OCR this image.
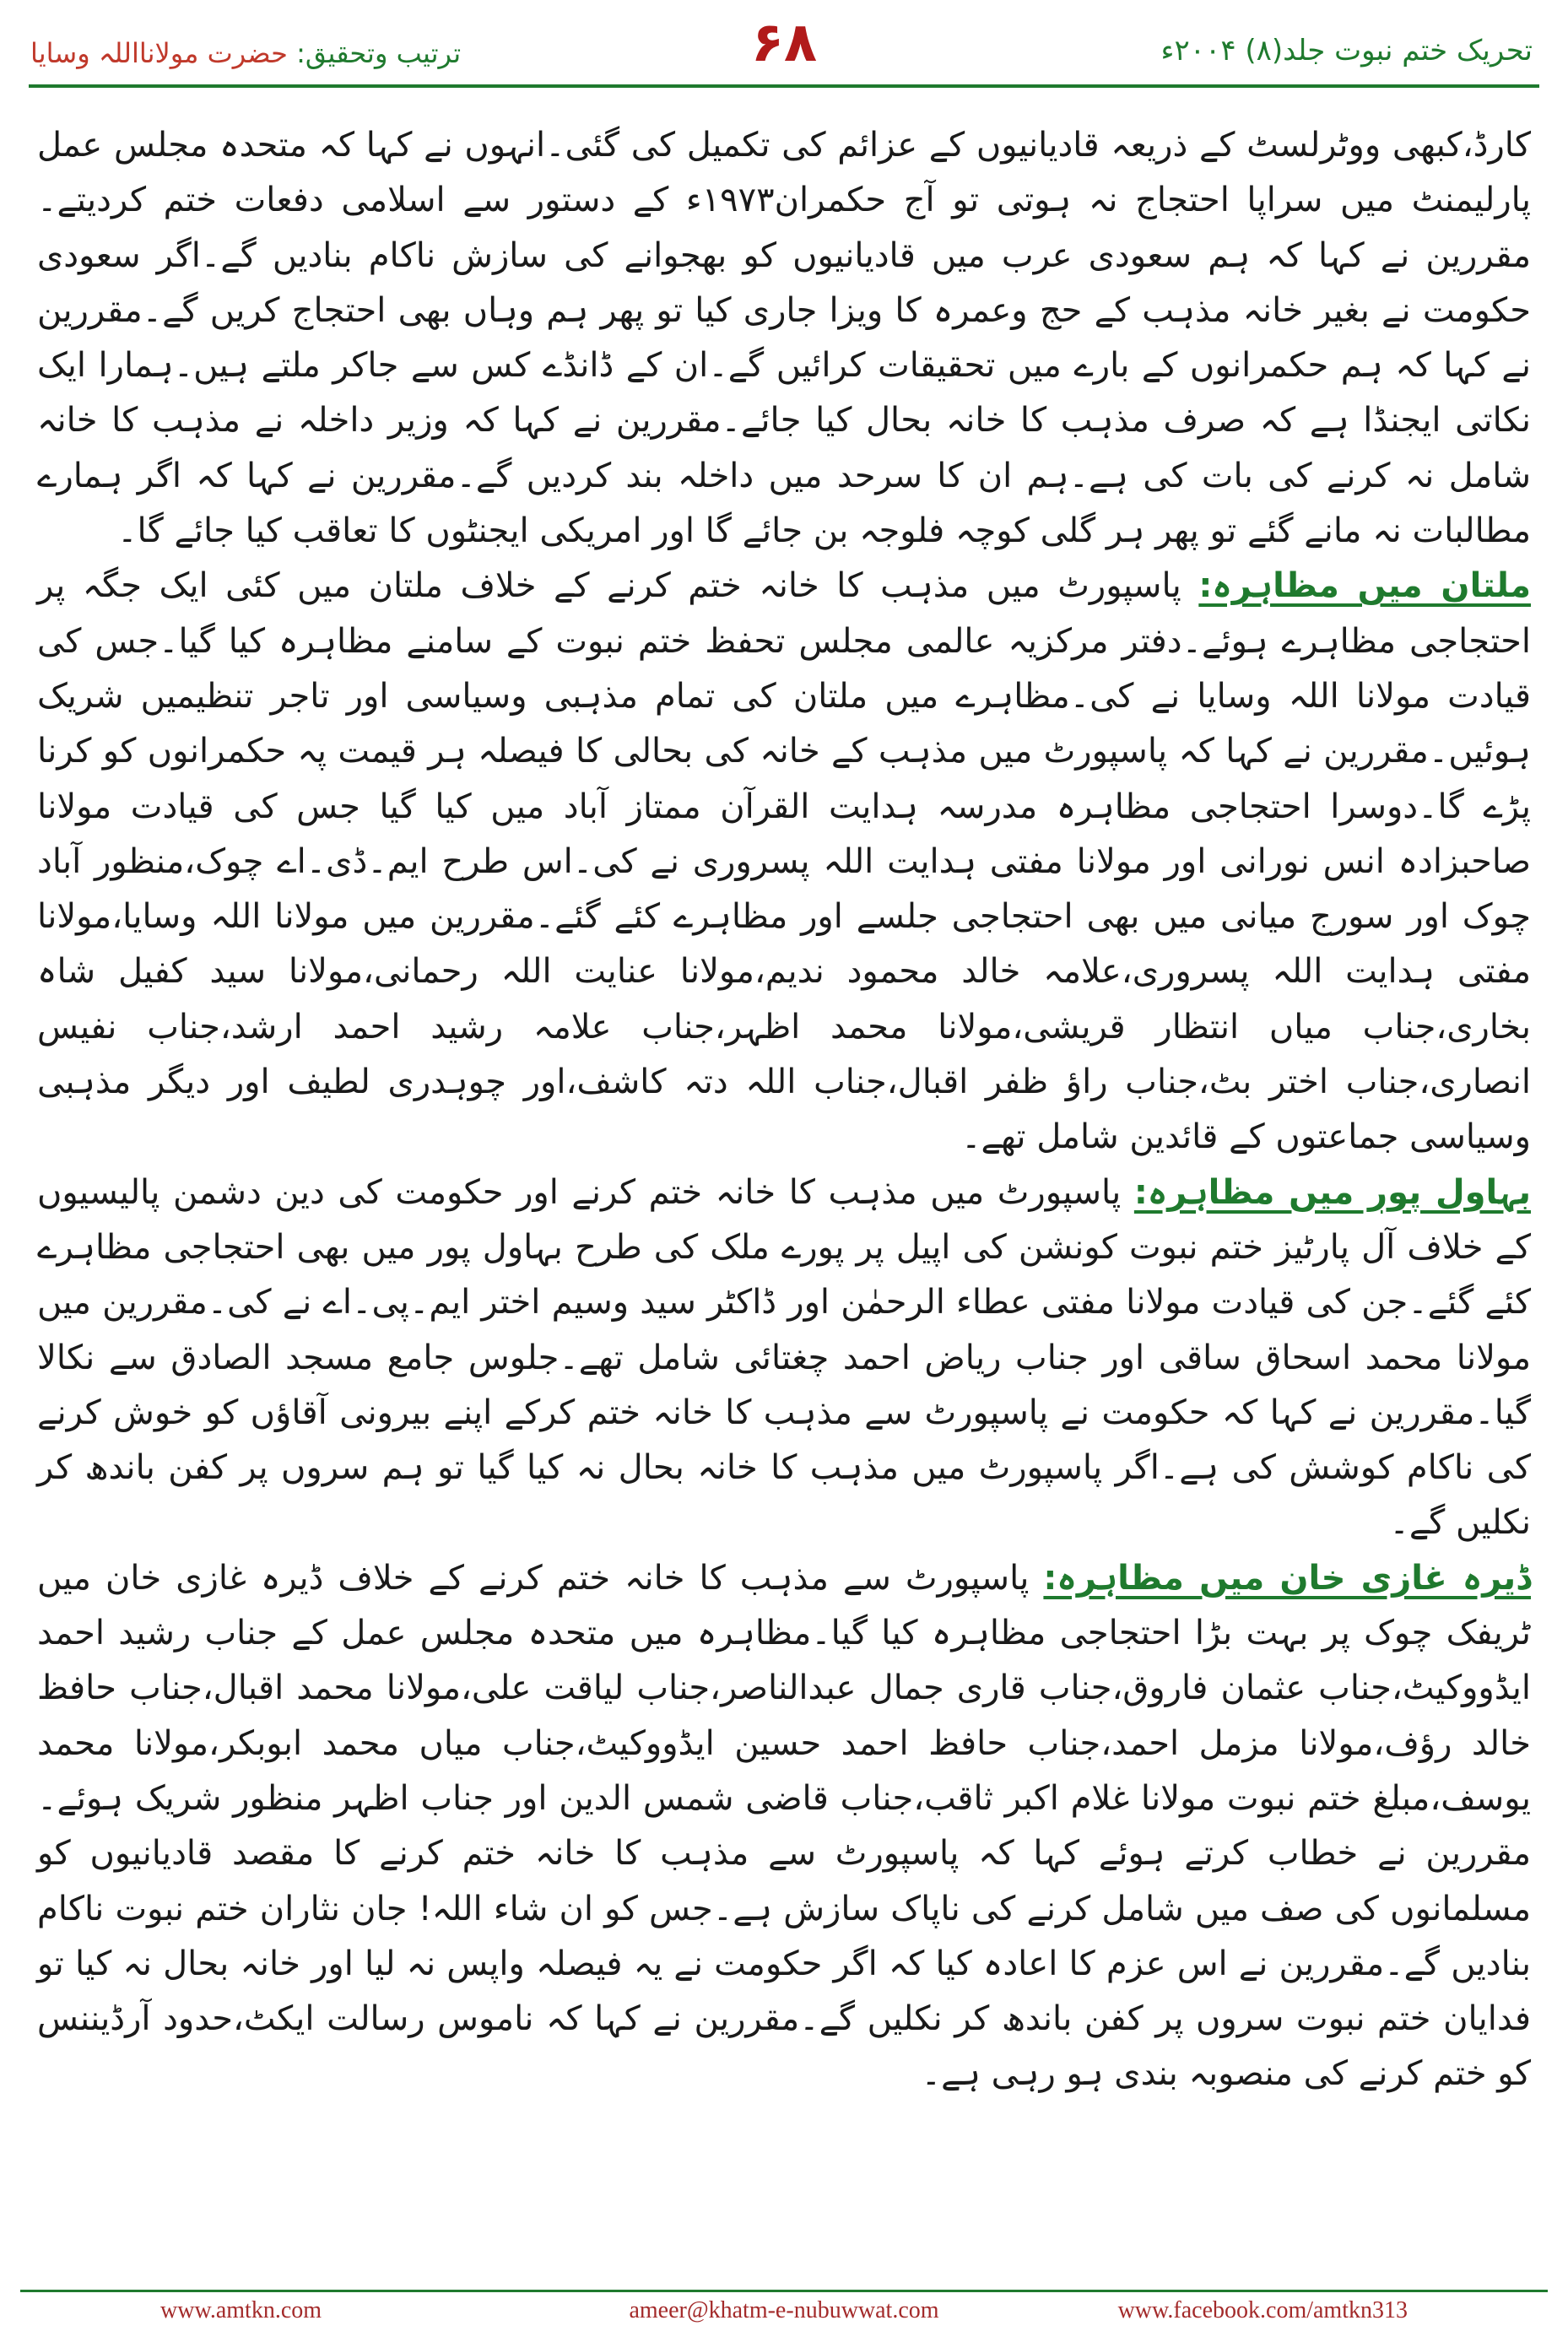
تحریک ختم نبوت جلد(۸) ۲۰۰۴ء
۶۸
ترتیب وتحقیق: حضرت مولانااللہ وسایا

کارڈ،کبھی ووٹرلسٹ کے ذریعہ قادیانیوں کے عزائم کی تکمیل کی گئی۔انہوں نے کہا کہ متحدہ مجلس عمل پارلیمنٹ میں سراپا احتجاج نہ ہوتی تو آج حکمران۱۹۷۳ء کے دستور سے اسلامی دفعات ختم کردیتے۔مقررین نے کہا کہ ہم سعودی عرب میں قادیانیوں کو بھجوانے کی سازش ناکام بنادیں گے۔اگر سعودی حکومت نے بغیر خانہ مذہب کے حج وعمرہ کا ویزا جاری کیا تو پھر ہم وہاں بھی احتجاج کریں گے۔مقررین نے کہا کہ ہم حکمرانوں کے بارے میں تحقیقات کرائیں گے۔ان کے ڈانڈے کس سے جاکر ملتے ہیں۔ہمارا ایک نکاتی ایجنڈا ہے کہ صرف مذہب کا خانہ بحال کیا جائے۔مقررین نے کہا کہ وزیر داخلہ نے مذہب کا خانہ شامل نہ کرنے کی بات کی ہے۔ہم ان کا سرحد میں داخلہ بند کردیں گے۔مقررین نے کہا کہ اگر ہمارے مطالبات نہ مانے گئے تو پھر ہر گلی کوچہ فلوجہ بن جائے گا اور امریکی ایجنٹوں کا تعاقب کیا جائے گا۔

ملتان میں مظاہرہ: پاسپورٹ میں مذہب کا خانہ ختم کرنے کے خلاف ملتان میں کئی ایک جگہ پر احتجاجی مظاہرے ہوئے۔دفتر مرکزیہ عالمی مجلس تحفظ ختم نبوت کے سامنے مظاہرہ کیا گیا۔جس کی قیادت مولانا اللہ وسایا نے کی۔مظاہرے میں ملتان کی تمام مذہبی وسیاسی اور تاجر تنظیمیں شریک ہوئیں۔مقررین نے کہا کہ پاسپورٹ میں مذہب کے خانہ کی بحالی کا فیصلہ ہر قیمت پہ حکمرانوں کو کرنا پڑے گا۔دوسرا احتجاجی مظاہرہ مدرسہ ہدایت القرآن ممتاز آباد میں کیا گیا جس کی قیادت مولانا صاحبزادہ انس نورانی اور مولانا مفتی ہدایت اللہ پسروری نے کی۔اس طرح ایم۔ڈی۔اے چوک،منظور آباد چوک اور سورج میانی میں بھی احتجاجی جلسے اور مظاہرے کئے گئے۔مقررین میں مولانا اللہ وسایا،مولانا مفتی ہدایت اللہ پسروری،علامہ خالد محمود ندیم،مولانا عنایت اللہ رحمانی،مولانا سید کفیل شاہ بخاری،جناب میاں انتظار قریشی،مولانا محمد اظہر،جناب علامہ رشید احمد ارشد،جناب نفیس انصاری،جناب اختر بٹ،جناب راؤ ظفر اقبال،جناب اللہ دتہ کاشف،اور چوہدری لطیف اور دیگر مذہبی وسیاسی جماعتوں کے قائدین شامل تھے۔

بہاول پور میں مظاہرہ: پاسپورٹ میں مذہب کا خانہ ختم کرنے اور حکومت کی دین دشمن پالیسیوں کے خلاف آل پارٹیز ختم نبوت کونشن کی اپیل پر پورے ملک کی طرح بہاول پور میں بھی احتجاجی مظاہرے کئے گئے۔جن کی قیادت مولانا مفتی عطاء الرحمٰن اور ڈاکٹر سید وسیم اختر ایم۔پی۔اے نے کی۔مقررین میں مولانا محمد اسحاق ساقی اور جناب ریاض احمد چغتائی شامل تھے۔جلوس جامع مسجد الصادق سے نکالا گیا۔مقررین نے کہا کہ حکومت نے پاسپورٹ سے مذہب کا خانہ ختم کرکے اپنے بیرونی آقاؤں کو خوش کرنے کی ناکام کوشش کی ہے۔اگر پاسپورٹ میں مذہب کا خانہ بحال نہ کیا گیا تو ہم سروں پر کفن باندھ کر نکلیں گے۔

ڈیرہ غازی خان میں مظاہرہ: پاسپورٹ سے مذہب کا خانہ ختم کرنے کے خلاف ڈیرہ غازی خان میں ٹریفک چوک پر بہت بڑا احتجاجی مظاہرہ کیا گیا۔مظاہرہ میں متحدہ مجلس عمل کے جناب رشید احمد ایڈووکیٹ،جناب عثمان فاروق،جناب قاری جمال عبدالناصر،جناب لیاقت علی،مولانا محمد اقبال،جناب حافظ خالد رؤف،مولانا مزمل احمد،جناب حافظ احمد حسین ایڈووکیٹ،جناب میاں محمد ابوبکر،مولانا محمد یوسف،مبلغ ختم نبوت مولانا غلام اکبر ثاقب،جناب قاضی شمس الدین اور جناب اظہر منظور شریک ہوئے۔مقررین نے خطاب کرتے ہوئے کہا کہ پاسپورٹ سے مذہب کا خانہ ختم کرنے کا مقصد قادیانیوں کو مسلمانوں کی صف میں شامل کرنے کی ناپاک سازش ہے۔جس کو ان شاء اللہ! جان نثاران ختم نبوت ناکام بنادیں گے۔مقررین نے اس عزم کا اعادہ کیا کہ اگر حکومت نے یہ فیصلہ واپس نہ لیا اور خانہ بحال نہ کیا تو فدایان ختم نبوت سروں پر کفن باندھ کر نکلیں گے۔مقررین نے کہا کہ ناموس رسالت ایکٹ،حدود آرڈیننس کو ختم کرنے کی منصوبہ بندی ہو رہی ہے۔

www.amtkn.com	ameer@khatm-e-nubuwwat.com	www.facebook.com/amtkn313
